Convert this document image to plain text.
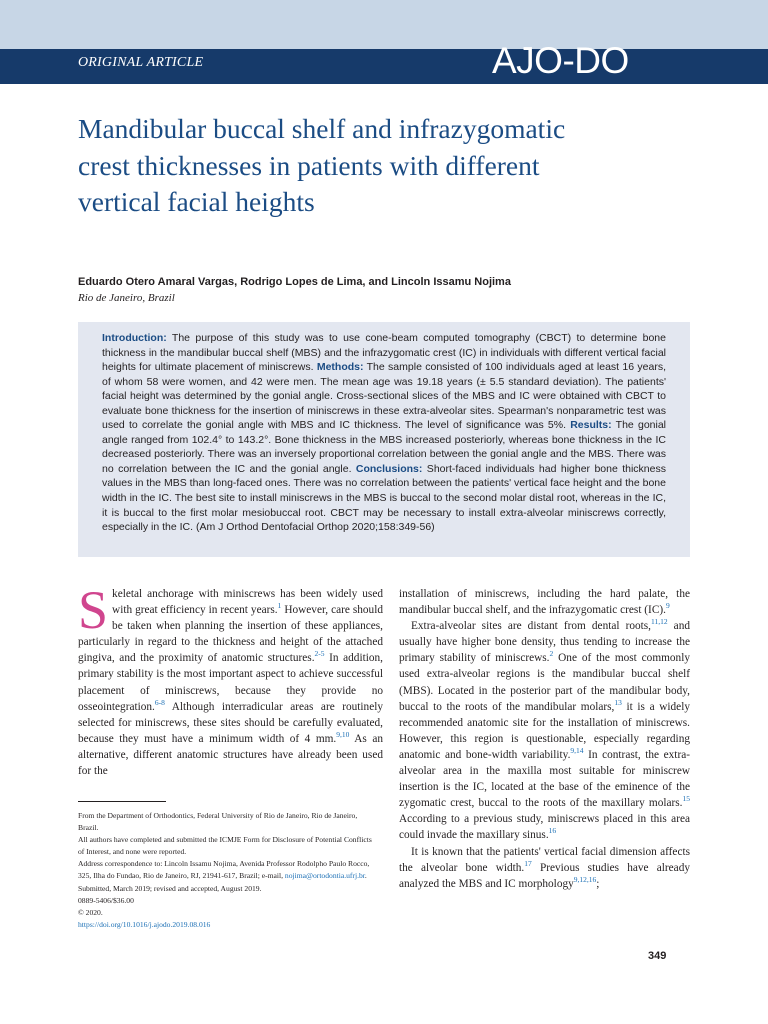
ORIGINAL ARTICLE	AJO-DO
Mandibular buccal shelf and infrazygomatic crest thicknesses in patients with different vertical facial heights
Eduardo Otero Amaral Vargas, Rodrigo Lopes de Lima, and Lincoln Issamu Nojima
Rio de Janeiro, Brazil

Introduction: The purpose of this study was to use cone-beam computed tomography (CBCT) to determine bone thickness in the mandibular buccal shelf (MBS) and the infrazygomatic crest (IC) in individuals with different vertical facial heights for ultimate placement of miniscrews. Methods: The sample consisted of 100 individuals aged at least 16 years, of whom 58 were women, and 42 were men. The mean age was 19.18 years (± 5.5 standard deviation). The patients' facial height was determined by the gonial angle. Cross-sectional slices of the MBS and IC were obtained with CBCT to evaluate bone thickness for the insertion of miniscrews in these extra-alveolar sites. Spearman's nonparametric test was used to correlate the gonial angle with MBS and IC thickness. The level of significance was 5%. Results: The gonial angle ranged from 102.4° to 143.2°. Bone thickness in the MBS increased posteriorly, whereas bone thickness in the IC decreased posteriorly. There was an inversely proportional correlation between the gonial angle and the MBS. There was no correlation between the IC and the gonial angle. Conclusions: Short-faced individuals had higher bone thickness values in the MBS than long-faced ones. There was no correlation between the patients' vertical face height and the bone width in the IC. The best site to install miniscrews in the MBS is buccal to the second molar distal root, whereas in the IC, it is buccal to the first molar mesiobuccal root. CBCT may be necessary to install extra-alveolar miniscrews correctly, especially in the IC. (Am J Orthod Dentofacial Orthop 2020;158:349-56)

Skeletal anchorage with miniscrews has been widely used with great efficiency in recent years.$^1$ However, care should be taken when planning the insertion of these appliances, particularly in regard to the thickness and height of the attached gingiva, and the proximity of anatomic structures.$^{2-5}$ In addition, primary stability is the most important aspect to achieve successful placement of miniscrews, because they provide no osseointegration.$^{6-8}$ Although interradicular areas are routinely selected for miniscrews, these sites should be carefully evaluated, because they must have a minimum width of 4 mm.$^{9,10}$ As an alternative, different anatomic structures have already been used for the

From the Department of Orthodontics, Federal University of Rio de Janeiro, Rio de Janeiro, Brazil.
All authors have completed and submitted the ICMJE Form for Disclosure of Potential Conflicts of Interest, and none were reported.
Address correspondence to: Lincoln Issamu Nojima, Avenida Professor Rodolpho Paulo Rocco, 325, Ilha do Fundao, Rio de Janeiro, RJ, 21941-617, Brazil; e-mail, nojima@ortodontia.ufrj.br.
Submitted, March 2019; revised and accepted, August 2019.
0889-5406/$36.00
© 2020.
https://doi.org/10.1016/j.ajodo.2019.08.016

installation of miniscrews, including the hard palate, the mandibular buccal shelf, and the infrazygomatic crest (IC).$^9$

Extra-alveolar sites are distant from dental roots,$^{11,12}$ and usually have higher bone density, thus tending to increase the primary stability of miniscrews.$^2$ One of the most commonly used extra-alveolar regions is the mandibular buccal shelf (MBS). Located in the posterior part of the mandibular body, buccal to the roots of the mandibular molars,$^{13}$ it is a widely recommended anatomic site for the installation of miniscrews. However, this region is questionable, especially regarding anatomic and bone-width variability.$^{9,14}$ In contrast, the extra-alveolar area in the maxilla most suitable for miniscrew insertion is the IC, located at the base of the eminence of the zygomatic crest, buccal to the roots of the maxillary molars.$^{15}$ According to a previous study, miniscrews placed in this area could invade the maxillary sinus.$^{16}$

It is known that the patients' vertical facial dimension affects the alveolar bone width.$^{17}$ Previous studies have already analyzed the MBS and IC morphology$^{9,12,16}$;

349
